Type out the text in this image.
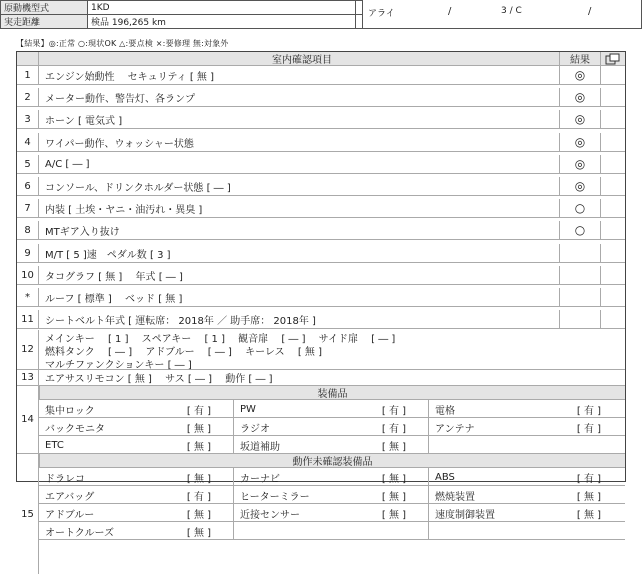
原動機型式	1KD
実走距離	検品 196,265 km
アライ	/	3 / C	/
【結果】◎:正常 ○:現状OK △:要点検 ×:要修理 無:対象外
室内確認項目	結果
1	エンジン始動性　 セキュリティ [ 無 ]	◎
2	メーター動作、警告灯、各ランプ	◎
3	ホーン [ 電気式 ]	◎
4	ワイパー動作、ウォッシャー状態	◎
5	A/C [ ― ]	◎
6	コンソール、ドリンクホルダー状態 [ ― ]	◎
7	内装 [ 土埃・ヤニ・油汚れ・異臭 ]	○
8	MTギア入り抜け	○
9	M/T [ 5 ]速　ペダル数 [ 3 ]
10	タコグラフ [ 無 ]　 年式 [ ― ]
*	ルーフ [ 標準 ]　 ベッド [ 無 ]
11	シートベルト年式 [ 運転席： 2018年 ／ 助手席： 2018年 ]
12
メインキー　 [ 1 ]　 スペアキー　 [ 1 ]　 観音扉　 [ ― ]　 サイド扉　 [ ― ]
燃料タンク　 [ ― ]　 アドブルー　 [ ― ]　 キーレス　 [ 無 ]
マルチファンクションキー [ ― ]
13	エアサスリモコン [ 無 ]　 サス [ ― ]　 動作 [ ― ]
装備品
14
集中ロック	[ 有 ]	PW	[ 有 ]	電格	[ 有 ]
バックモニタ	[ 無 ]	ラジオ	[ 有 ]	アンテナ	[ 有 ]
ETC	[ 無 ]	坂道補助	[ 無 ]
動作未確認装備品
15
ドラレコ	[ 無 ]	カーナビ	[ 無 ]	ABS	[ 有 ]
エアバッグ	[ 有 ]	ヒーターミラー	[ 無 ]	燃焼装置	[ 無 ]
アドブルー	[ 無 ]	近接センサー	[ 無 ]	速度制御装置	[ 無 ]
オートクルーズ	[ 無 ]
